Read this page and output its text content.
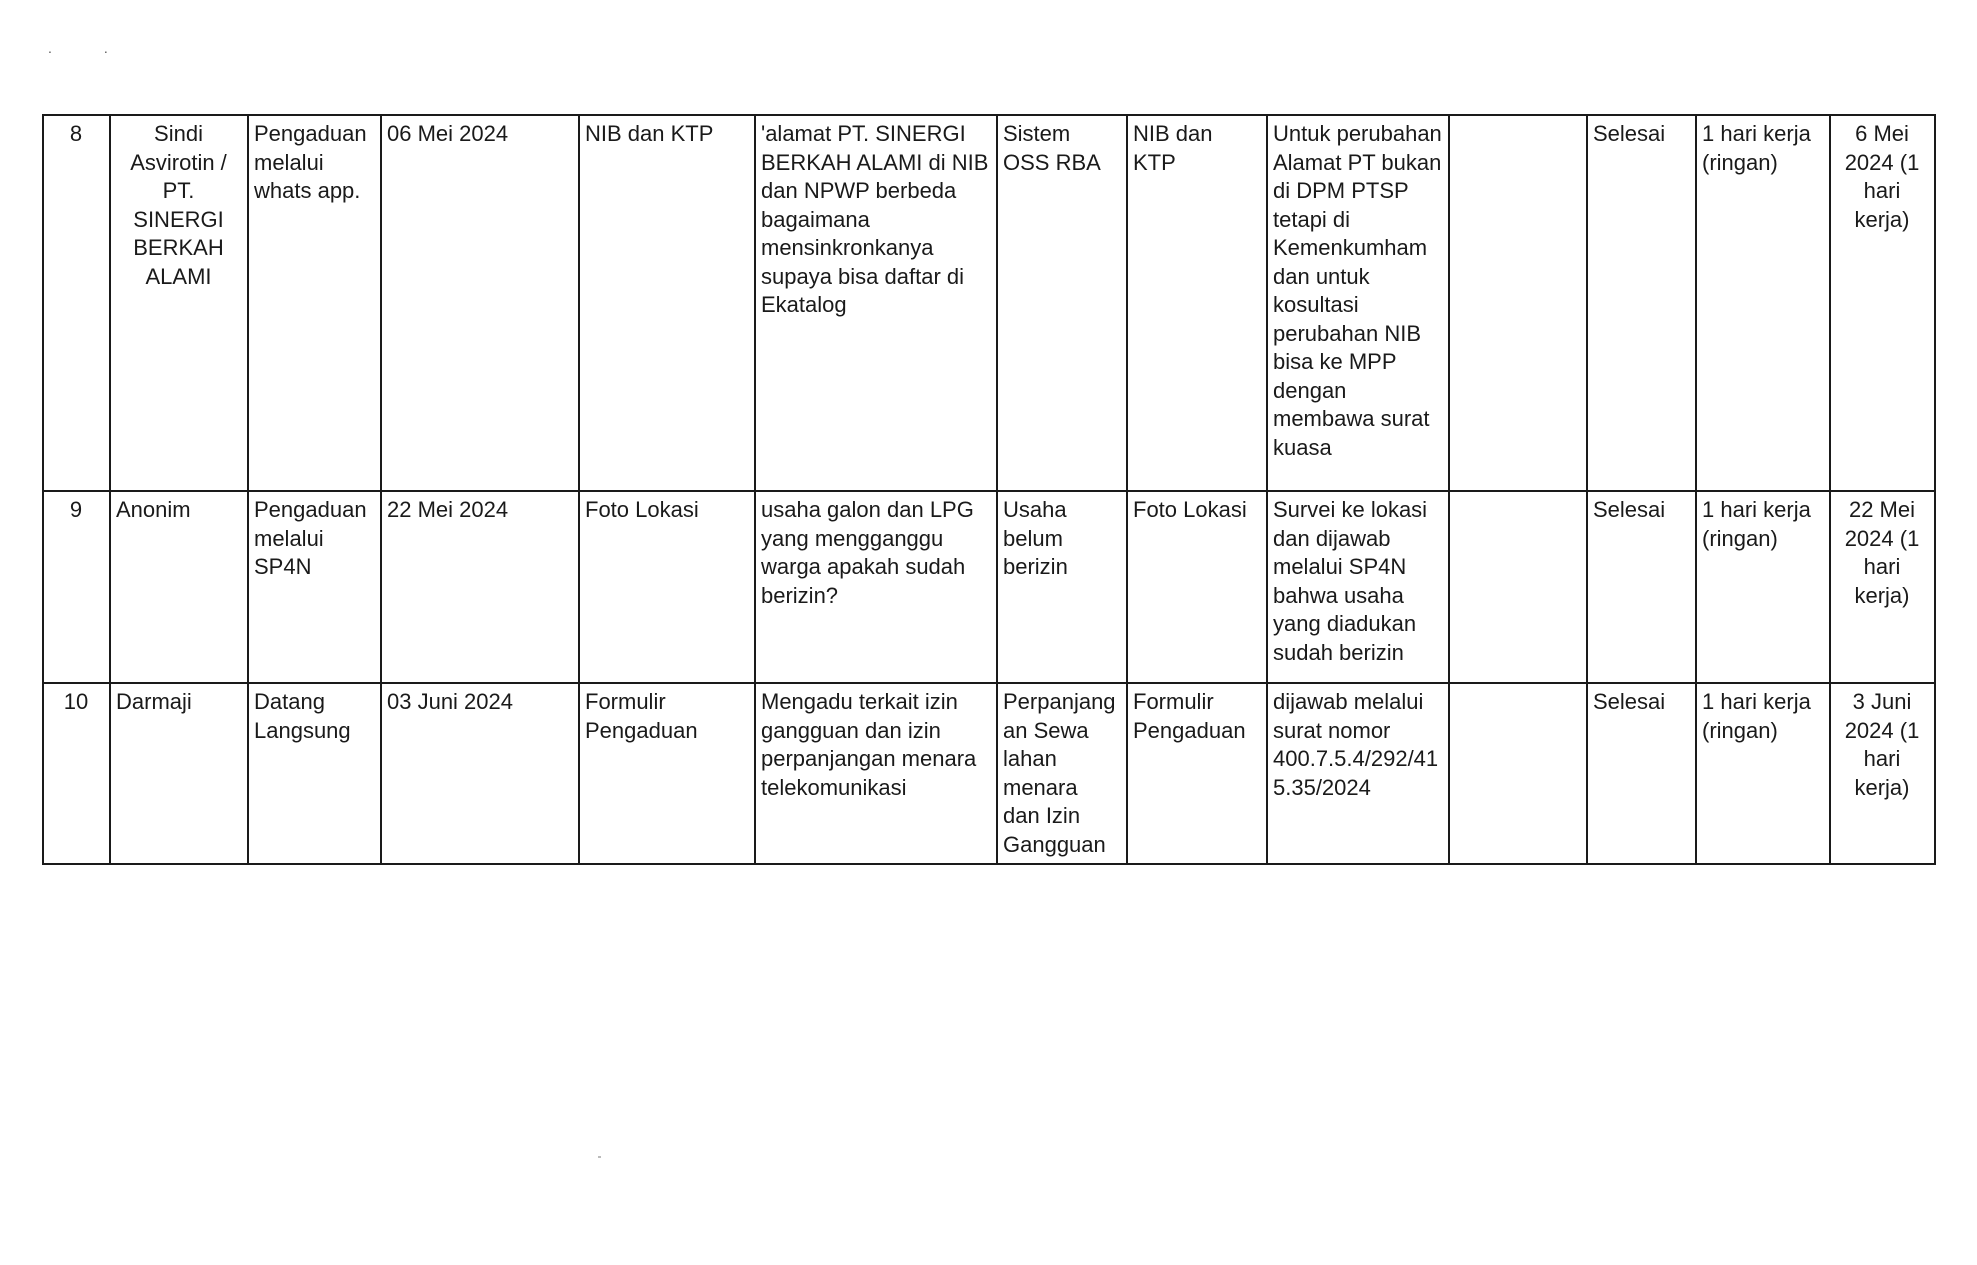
..
8	Sindi Asvirotin / PT. SINERGI BERKAH ALAMI	Pengaduan melalui whats app.	06 Mei 2024	NIB dan KTP	'alamat PT. SINERGI BERKAH ALAMI di NIB dan NPWP berbeda bagaimana mensinkronkanya supaya bisa daftar di Ekatalog	Sistem OSS RBA	NIB dan KTP	Untuk perubahan Alamat PT bukan di DPM PTSP tetapi di Kemenkumham dan untuk kosultasi perubahan NIB bisa ke MPP dengan membawa surat kuasa		Selesai	1 hari kerja (ringan)	6 Mei 2024 (1 hari kerja)
9	Anonim	Pengaduan melalui SP4N	22 Mei 2024	Foto Lokasi	usaha galon dan LPG yang mengganggu warga apakah sudah berizin?	Usaha belum berizin	Foto Lokasi	Survei ke lokasi dan dijawab melalui SP4N bahwa usaha yang diadukan sudah berizin		Selesai	1 hari kerja (ringan)	22 Mei 2024 (1 hari kerja)
10	Darmaji	Datang Langsung	03 Juni 2024	Formulir Pengaduan	Mengadu terkait izin gangguan dan izin perpanjangan menara telekomunikasi	Perpanjangan Sewa lahan menara dan Izin Gangguan	Formulir Pengaduan	dijawab melalui surat nomor 400.7.5.4/292/415.35/2024		Selesai	1 hari kerja (ringan)	3 Juni 2024 (1 hari kerja)
